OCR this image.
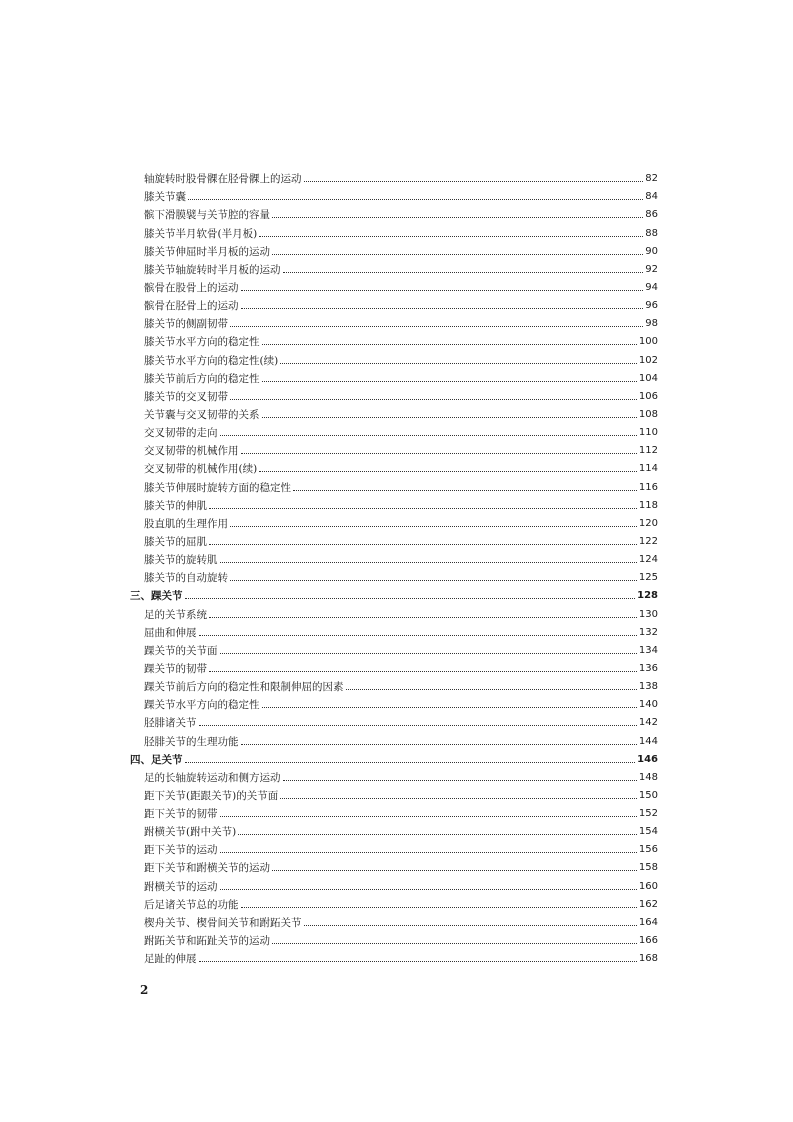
轴旋转时股骨髁在胫骨髁上的运动	82
膝关节囊	84
髌下滑膜襞与关节腔的容量	86
膝关节半月软骨(半月板)	88
膝关节伸屈时半月板的运动	90
膝关节轴旋转时半月板的运动	92
髌骨在股骨上的运动	94
髌骨在胫骨上的运动	96
膝关节的侧副韧带	98
膝关节水平方向的稳定性	100
膝关节水平方向的稳定性(续)	102
膝关节前后方向的稳定性	104
膝关节的交叉韧带	106
关节囊与交叉韧带的关系	108
交叉韧带的走向	110
交叉韧带的机械作用	112
交叉韧带的机械作用(续)	114
膝关节伸展时旋转方面的稳定性	116
膝关节的伸肌	118
股直肌的生理作用	120
膝关节的屈肌	122
膝关节的旋转肌	124
膝关节的自动旋转	125
三、踝关节	128
足的关节系统	130
屈曲和伸展	132
踝关节的关节面	134
踝关节的韧带	136
踝关节前后方向的稳定性和限制伸屈的因素	138
踝关节水平方向的稳定性	140
胫腓诸关节	142
胫腓关节的生理功能	144
四、足关节	146
足的长轴旋转运动和侧方运动	148
距下关节(距跟关节)的关节面	150
距下关节的韧带	152
跗横关节(跗中关节)	154
距下关节的运动	156
距下关节和跗横关节的运动	158
跗横关节的运动	160
后足诸关节总的功能	162
楔舟关节、楔骨间关节和跗跖关节	164
跗跖关节和跖趾关节的运动	166
足趾的伸展	168
2
